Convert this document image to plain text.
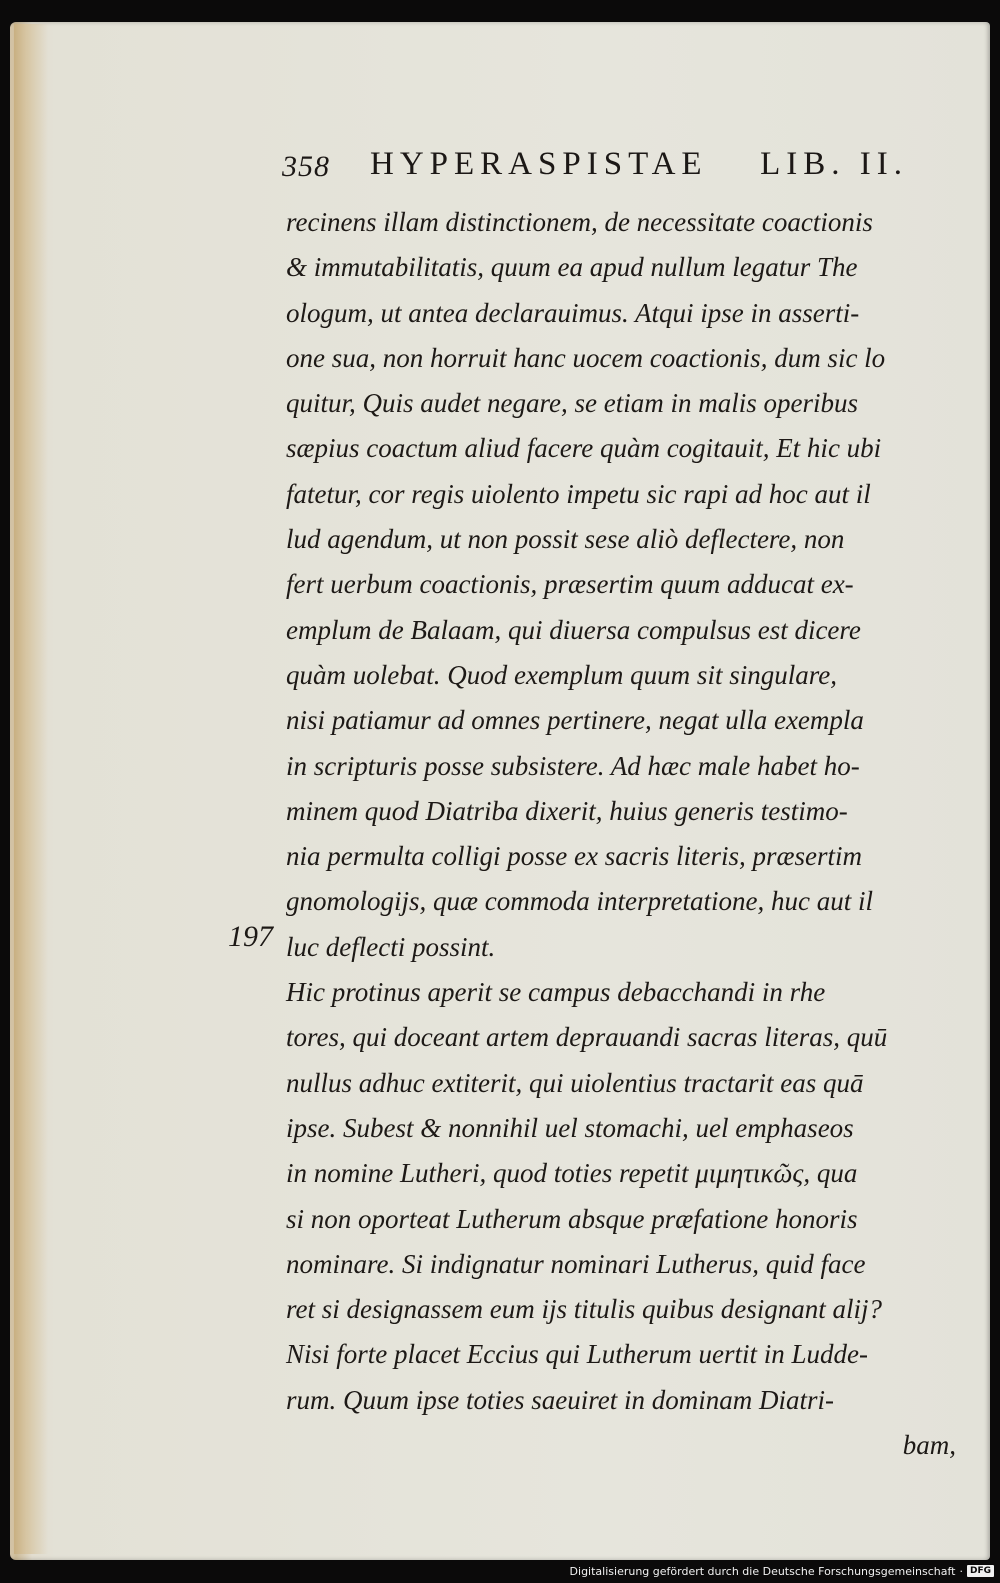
358 HYPERASPISTAE LIB. II.
197
recinens illam distinctionem, de necessitate coactionis
& immutabilitatis, quum ea apud nullum legatur The
ologum, ut antea declarauimus. Atqui ipse in asserti-
one sua, non horruit hanc uocem coactionis, dum sic lo
quitur, Quis audet negare, se etiam in malis operibus
sæpius coactum aliud facere quàm cogitauit, Et hic ubi
fatetur, cor regis uiolento impetu sic rapi ad hoc aut il
lud agendum, ut non possit sese aliò deflectere, non
fert uerbum coactionis, præsertim quum adducat ex-
emplum de Balaam, qui diuersa compulsus est dicere
quàm uolebat. Quod exemplum quum sit singulare,
nisi patiamur ad omnes pertinere, negat ulla exempla
in scripturis posse subsistere. Ad hæc male habet ho-
minem quod Diatriba dixerit, huius generis testimo-
nia permulta colligi posse ex sacris literis, præsertim
gnomologijs, quæ commoda interpretatione, huc aut il
luc deflecti possint.
Hic protinus aperit se campus debacchandi in rhe
tores, qui doceant artem deprauandi sacras literas, quū
nullus adhuc extiterit, qui uiolentius tractarit eas quā
ipse. Subest & nonnihil uel stomachi, uel emphaseos
in nomine Lutheri, quod toties repetit μιμητικῶς, qua
si non oporteat Lutherum absque præfatione honoris
nominare. Si indignatur nominari Lutherus, quid face
ret si designassem eum ijs titulis quibus designant alij?
Nisi forte placet Eccius qui Lutherum uertit in Ludde-
rum. Quum ipse toties saeuiret in dominam Diatri-
bam,
Digitalisierung gefördert durch die Deutsche Forschungsgemeinschaft · DFG
